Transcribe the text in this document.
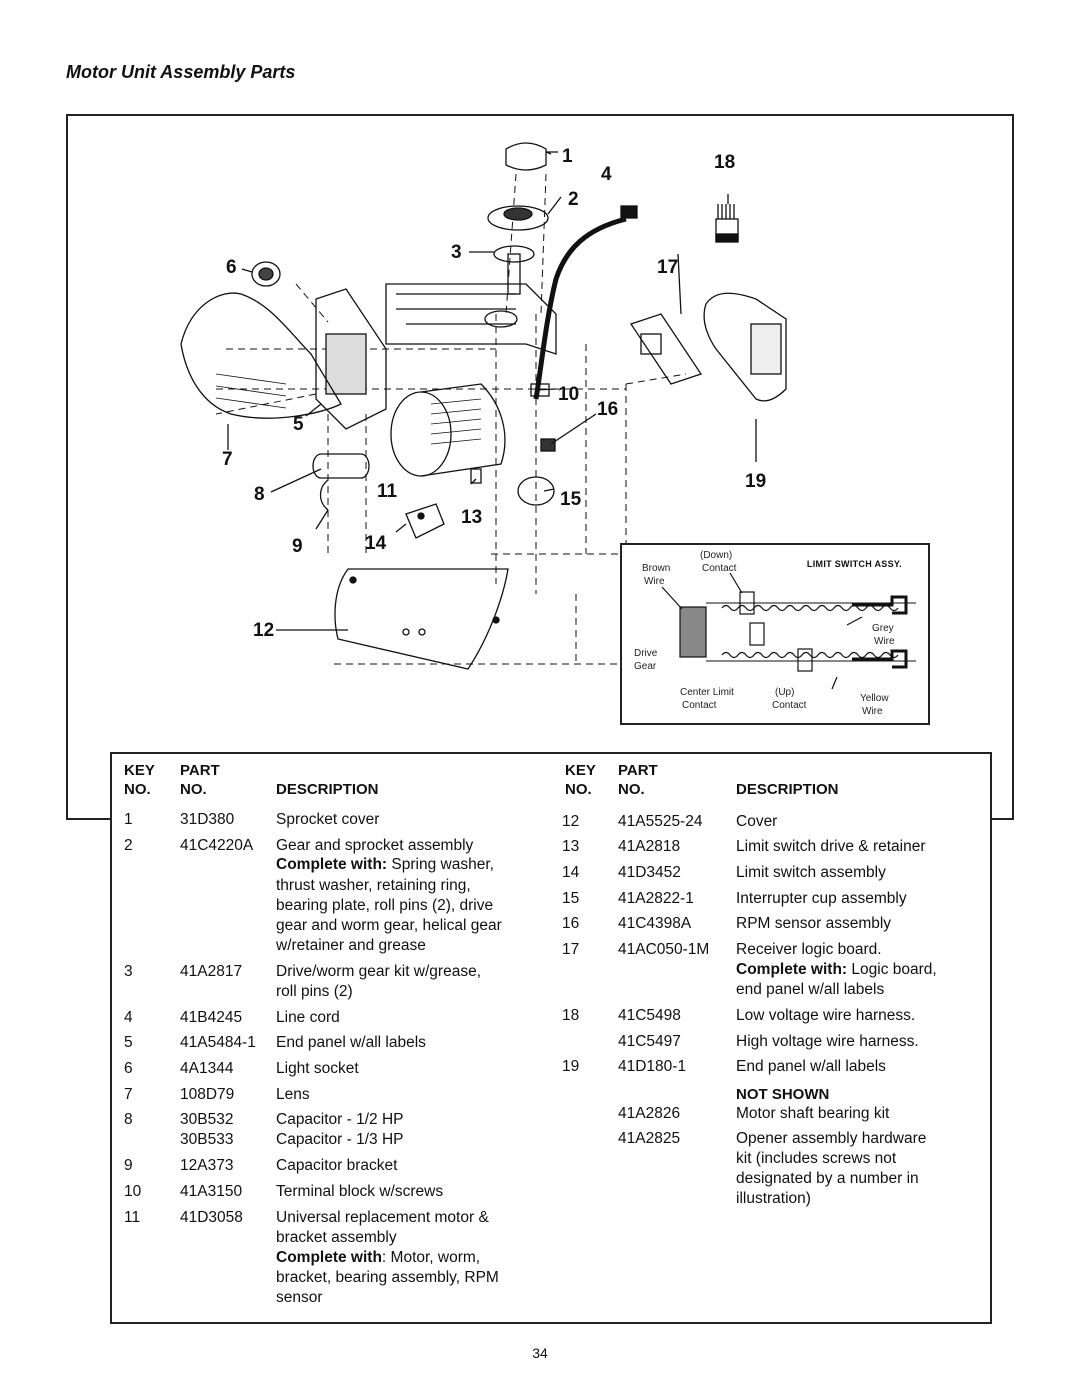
Motor Unit Assembly Parts
1
2
3
4
5
6
7
8
9
10
11
12
13
14
15
16
17
18
19
LIMIT SWITCH ASSY.
(Down)
Contact
Brown
Wire
Drive
Gear
Grey
Wire
Center Limit
Contact
(Up)
Contact
Yellow
Wire
KEY
NO.
PART
NO.	DESCRIPTION
KEY
NO.
PART
NO.	DESCRIPTION
1	31D380	Sprocket cover
2	41C4220A Gear and sprocket assembly
Complete with: Spring washer,
thrust washer, retaining ring,
bearing plate, roll pins (2), drive
gear and worm gear, helical gear
w/retainer and grease
3	41A2817 Drive/worm gear kit w/grease,
roll pins (2)
4	41B4245 Line cord
5	41A5484-1 End panel w/all labels
6	4A1344	Light socket
7	108D79	Lens
8	30B532	Capacitor - 1/2 HP
30B533	Capacitor - 1/3 HP
9	12A373	Capacitor bracket
10	41A3150 Terminal block w/screws
11	41D3058 Universal replacement motor &
bracket assembly
Complete with: Motor, worm,
bracket, bearing assembly, RPM
sensor
12	41A5525-24 Cover
13	41A2818	Limit switch drive & retainer
14	41D3452	Limit switch assembly
15	41A2822-1	Interrupter cup assembly
16	41C4398A	RPM sensor assembly
17	41AC050-1M Receiver logic board.
Complete with: Logic board,
end panel w/all labels
18	41C5498	Low voltage wire harness.
41C5497	High voltage wire harness.
19	41D180-1	End panel w/all labels
NOT SHOWN
41A2826	Motor shaft bearing kit
41A2825	Opener assembly hardware
kit (includes screws not
designated by a number in
illustration)
34
